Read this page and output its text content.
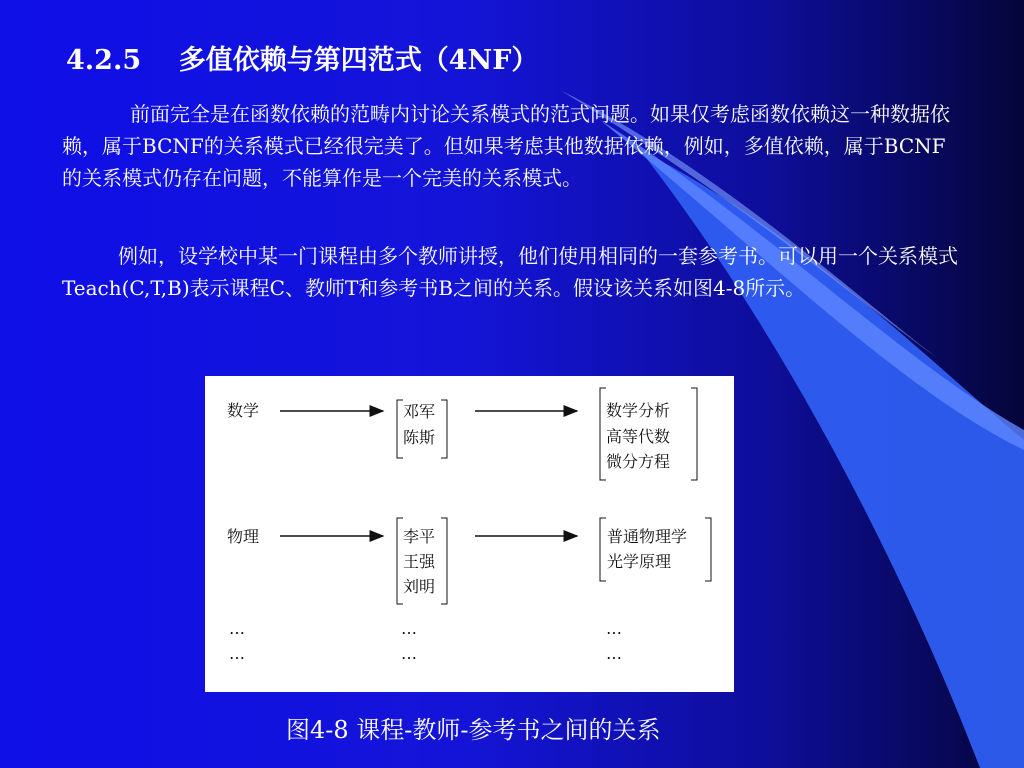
4.2.5    多值依赖与第四范式（4NF）

前面完全是在函数依赖的范畴内讨论关系模式的范式问题。如果仅考虑函数依赖这一种数据依赖，属于BCNF的关系模式已经很完美了。但如果考虑其他数据依赖，例如，多值依赖，属于BCNF的关系模式仍存在问题，不能算作是一个完美的关系模式。

例如，设学校中某一门课程由多个教师讲授，他们使用相同的一套参考书。可以用一个关系模式Teach(C,T,B)表示课程C、教师T和参考书B之间的关系。假设该关系如图4-8所示。

数学	邓军
陈斯
数学分析
高等代数
微分方程
物理	李平
王强
刘明
普通物理学
光学原理
…
…
…
…
…
…
图4-8 课程-教师-参考书之间的关系
